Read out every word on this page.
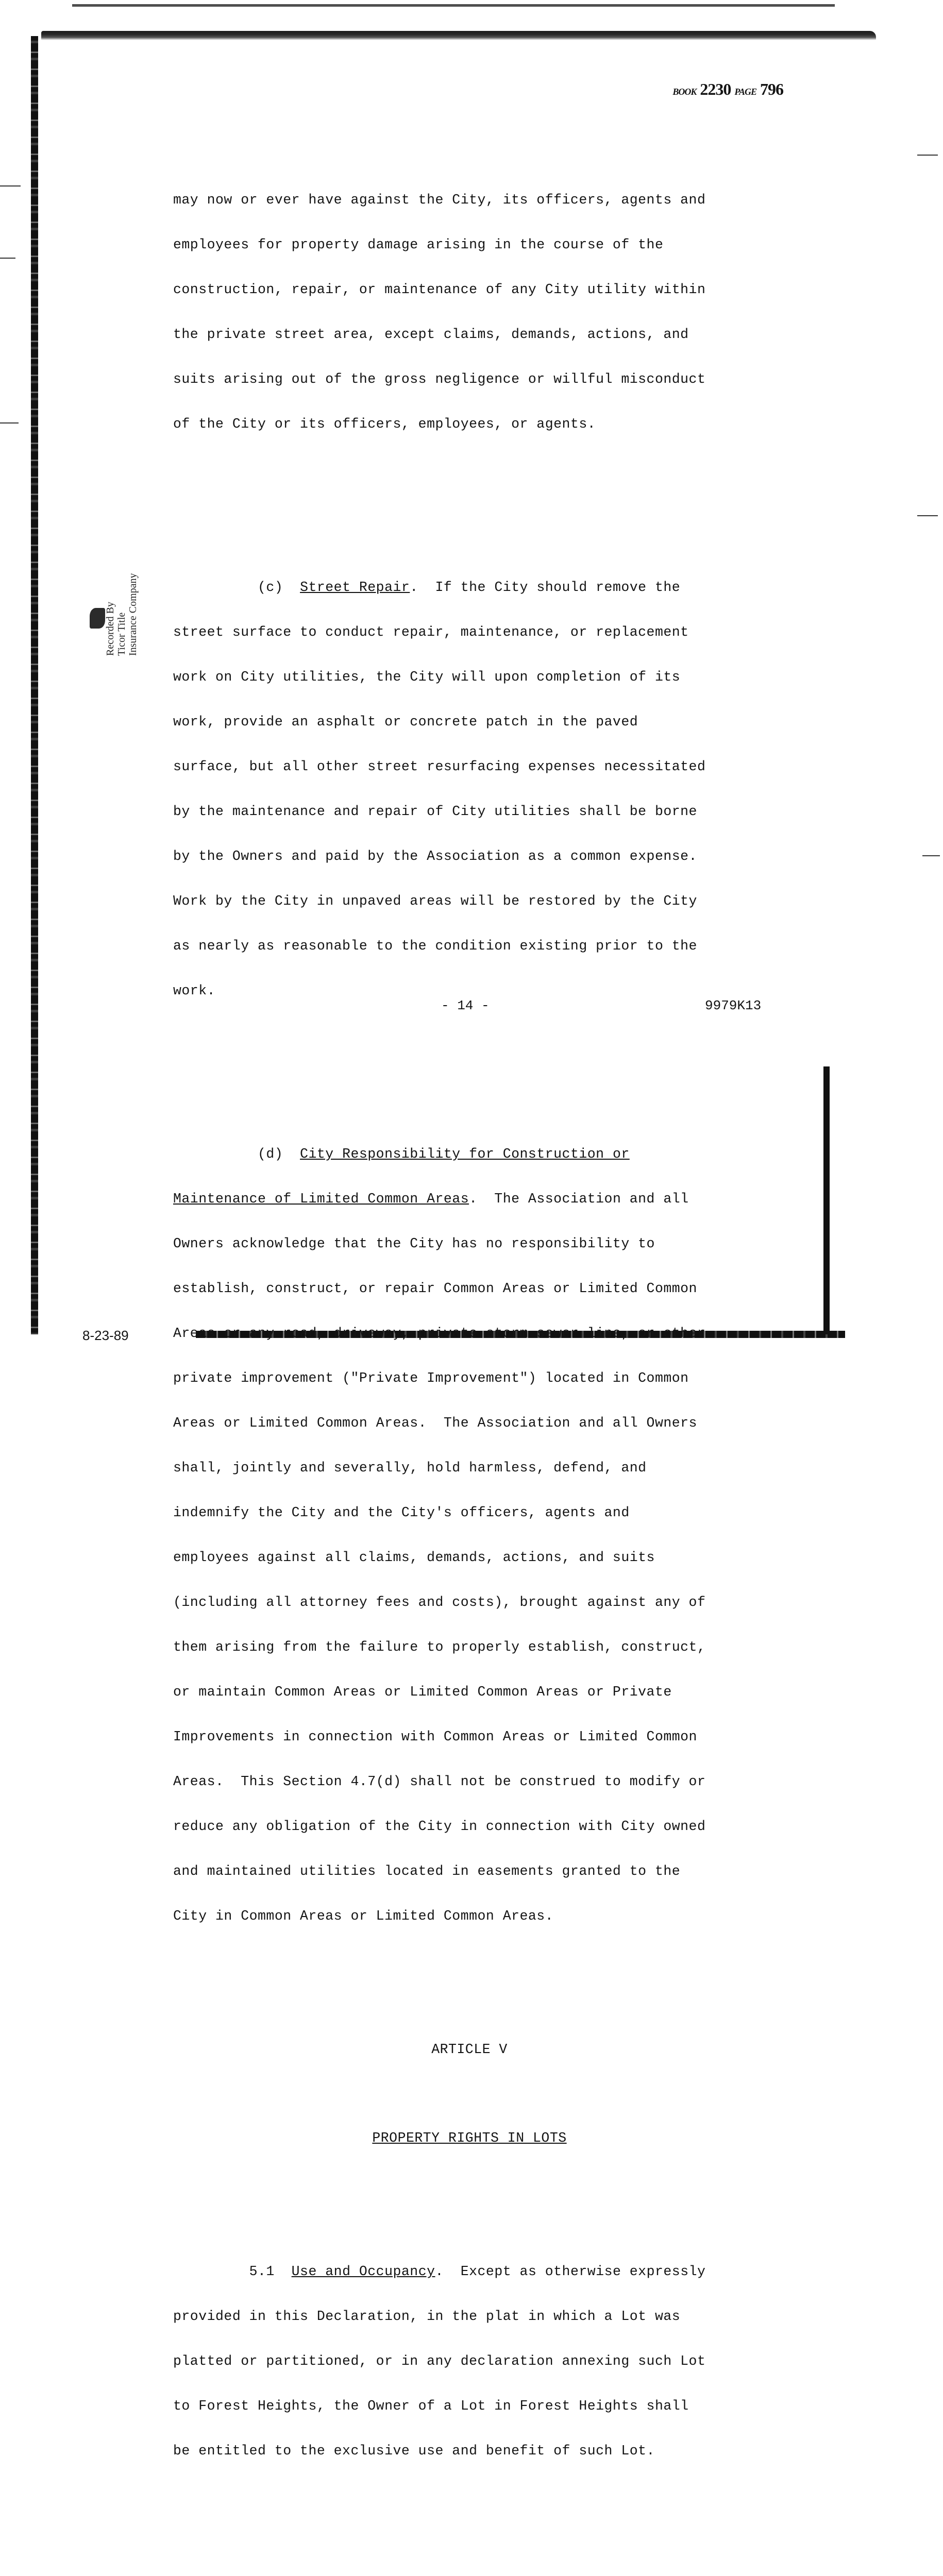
BOOK 2230 PAGE 796
Recorded By Ticor Title Insurance Company

may now or ever have against the City, its officers, agents and

employees for property damage arising in the course of the

construction, repair, or maintenance of any City utility within

the private street area, except claims, demands, actions, and

suits arising out of the gross negligence or willful misconduct

of the City or its officers, employees, or agents.

(c) Street Repair.  If the City should remove the

street surface to conduct repair, maintenance, or replacement

work on City utilities, the City will upon completion of its

work, provide an asphalt or concrete patch in the paved

surface, but all other street resurfacing expenses necessitated

by the maintenance and repair of City utilities shall be borne

by the Owners and paid by the Association as a common expense.

Work by the City in unpaved areas will be restored by the City

as nearly as reasonable to the condition existing prior to the

work.

(d) City Responsibility for Construction or

Maintenance of Limited Common Areas.  The Association and all

Owners acknowledge that the City has no responsibility to

establish, construct, or repair Common Areas or Limited Common

Areas or any road, driveway, private storm sewer line, or other

private improvement ("Private Improvement") located in Common

Areas or Limited Common Areas.  The Association and all Owners

shall, jointly and severally, hold harmless, defend, and

indemnify the City and the City's officers, agents and

employees against all claims, demands, actions, and suits

(including all attorney fees and costs), brought against any of

them arising from the failure to properly establish, construct,

or maintain Common Areas or Limited Common Areas or Private

Improvements in connection with Common Areas or Limited Common

Areas.  This Section 4.7(d) shall not be construed to modify or

reduce any obligation of the City in connection with City owned

and maintained utilities located in easements granted to the

City in Common Areas or Limited Common Areas.

ARTICLE V

PROPERTY RIGHTS IN LOTS

5.1 Use and Occupancy.  Except as otherwise expressly

provided in this Declaration, in the plat in which a Lot was

platted or partitioned, or in any declaration annexing such Lot

to Forest Heights, the Owner of a Lot in Forest Heights shall

be entitled to the exclusive use and benefit of such Lot.

- 14 -	9979K13
8-23-89
